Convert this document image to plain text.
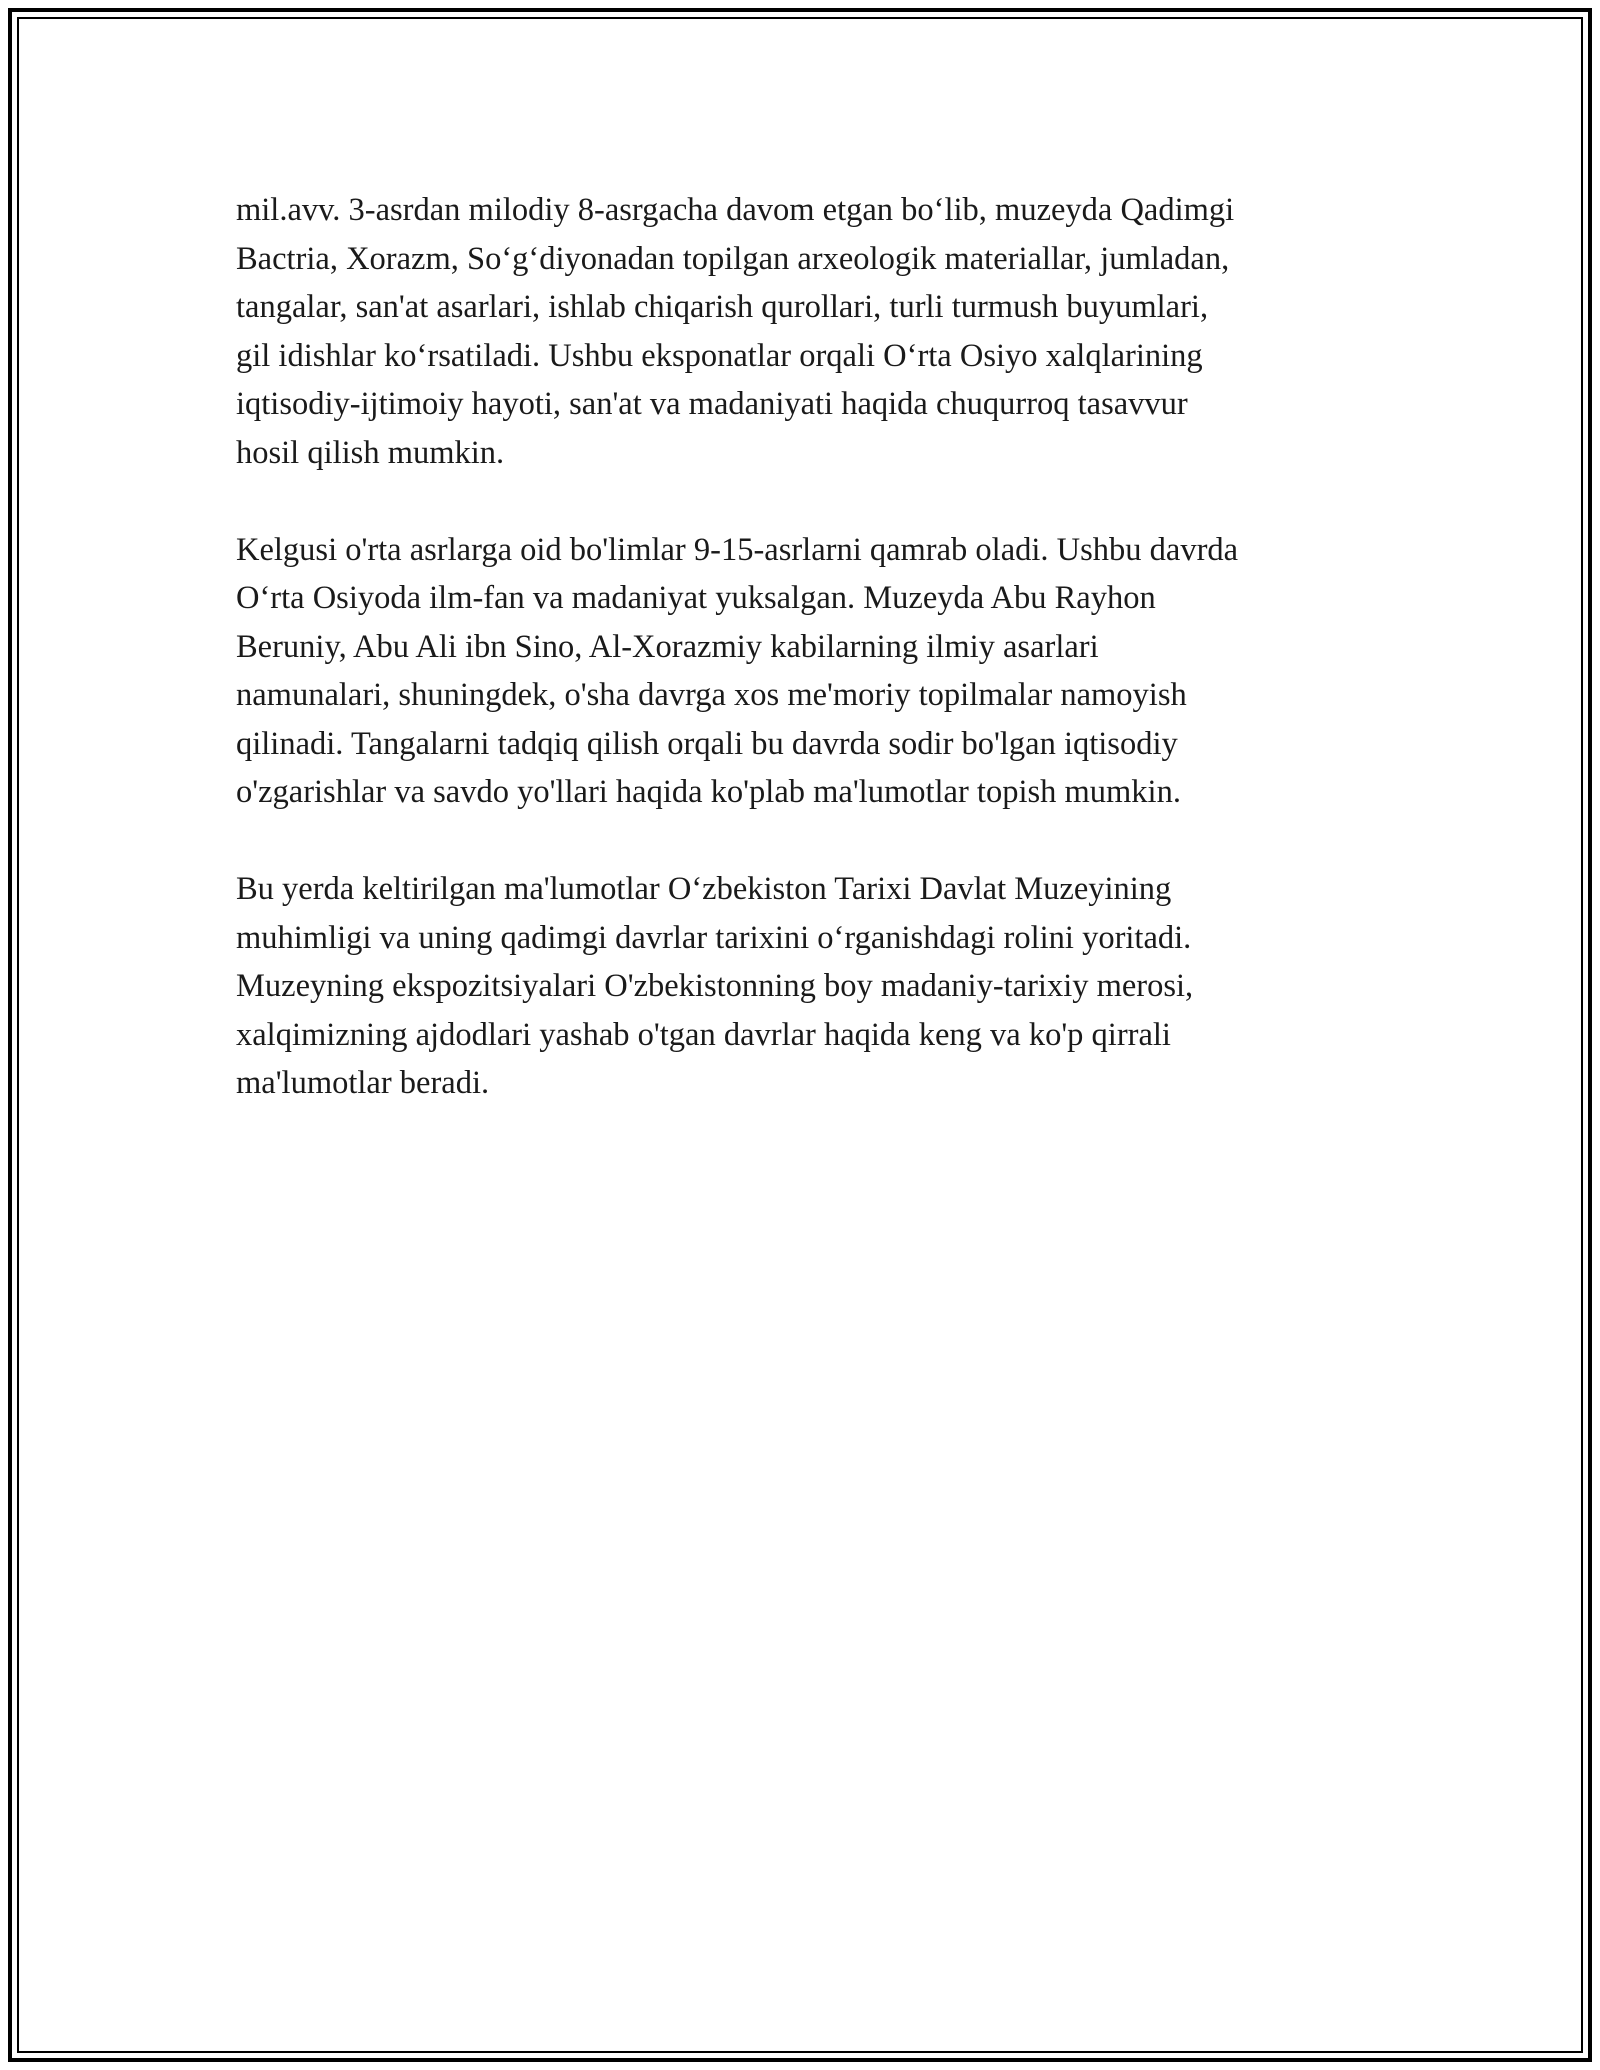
mil.avv. 3-asrdan milodiy 8-asrgacha davom etgan boʻlib, muzeyda Qadimgi
Bactria, Xorazm, Soʻgʻdiyonadan topilgan arxeologik materiallar, jumladan,
tangalar, san'at asarlari, ishlab chiqarish qurollari, turli turmush buyumlari,
gil idishlar koʻrsatiladi. Ushbu eksponatlar orqali Oʻrta Osiyo xalqlarining
iqtisodiy-ijtimoiy hayoti, san'at va madaniyati haqida chuqurroq tasavvur
hosil qilish mumkin.

Kelgusi o'rta asrlarga oid bo'limlar 9-15-asrlarni qamrab oladi. Ushbu davrda
Oʻrta Osiyoda ilm-fan va madaniyat yuksalgan. Muzeyda Abu Rayhon
Beruniy, Abu Ali ibn Sino, Al-Xorazmiy kabilarning ilmiy asarlari
namunalari, shuningdek, o'sha davrga xos me'moriy topilmalar namoyish
qilinadi. Tangalarni tadqiq qilish orqali bu davrda sodir bo'lgan iqtisodiy
o'zgarishlar va savdo yo'llari haqida ko'plab ma'lumotlar topish mumkin.

Bu yerda keltirilgan ma'lumotlar Oʻzbekiston Tarixi Davlat Muzeyining
muhimligi va uning qadimgi davrlar tarixini oʻrganishdagi rolini yoritadi.
Muzeyning ekspozitsiyalari O'zbekistonning boy madaniy-tarixiy merosi,
xalqimizning ajdodlari yashab o'tgan davrlar haqida keng va ko'p qirrali
ma'lumotlar beradi.
